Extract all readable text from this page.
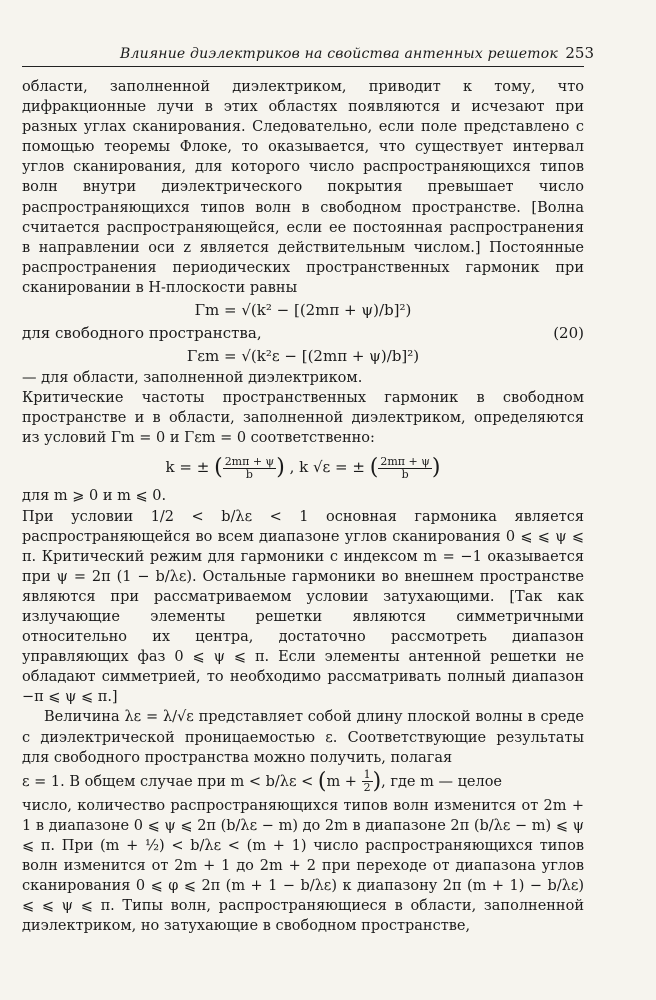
Влияние диэлектриков на свойства антенных решеток 253

области, заполненной диэлектриком, приводит к тому, что дифракционные лучи в этих областях появляются и исчезают при разных углах сканирования. Следовательно, если поле представлено с помощью теоремы Флоке, то оказывается, что существует интервал углов сканирования, для которого число распространяющихся типов волн внутри диэлектрического покрытия превышает число распространяющихся типов волн в свободном пространстве. [Волна считается распространяющейся, если ее постоянная распространения в направлении оси z является действительным числом.] Постоянные распространения периодических пространственных гармоник при сканировании в H-плоскости равны

Γm = √(k² − [(2mπ + ψ)/b]²)
для свободного пространства,	(20)
Γεm = √(k²ε − [(2mπ + ψ)/b]²)

— для области, заполненной диэлектриком.

Критические частоты пространственных гармоник в свободном пространстве и в области, заполненной диэлектриком, определяются из условий Γm = 0 и Γεm = 0 соответственно:

k = ± ( $\frac{2m\pi + \psi}{b}$ ) , k √ε = ± ( $\frac{2m\pi + \psi}{b}$ )

для m ⩾ 0 и m ⩽ 0.

При условии 1/2 < b/λε < 1 основная гармоника является распространяющейся во всем диапазоне углов сканирования 0 ⩽ ⩽ ψ ⩽ π. Критический режим для гармоники с индексом m = −1 оказывается при ψ = 2π (1 − b/λε). Остальные гармоники во внешнем пространстве являются при рассматриваемом условии затухающими. [Так как излучающие элементы решетки являются симметричными относительно их центра, достаточно рассмотреть диапазон управляющих фаз 0 ⩽ ψ ⩽ π. Если элементы антенной решетки не обладают симметрией, то необходимо рассматривать полный диапазон −π ⩽ ψ ⩽ π.]

Величина λε = λ/√ε представляет собой длину плоской волны в среде с диэлектрической проницаемостью ε. Соответствующие результаты для свободного пространства можно получить, полагая

ε = 1. В общем случае при $m < b/\lambda\varepsilon < (m + \frac{1}{2}$ ), где m — целое

число, количество распространяющихся типов волн изменится от 2m + 1 в диапазоне 0 ⩽ ψ ⩽ 2π (b/λε − m) до 2m в диапазоне 2π (b/λε − m) ⩽ ψ ⩽ π. При (m + ½) < b/λε < (m + 1) число распространяющихся типов волн изменится от 2m + 1 до 2m + 2 при переходе от диапазона углов сканирования 0 ⩽ φ ⩽ 2π (m + 1 − b/λε) к диапазону 2π (m + 1) − b/λε) ⩽ ⩽ ψ ⩽ π. Типы волн, распространяющиеся в области, заполненной диэлектриком, но затухающие в свободном пространстве,
